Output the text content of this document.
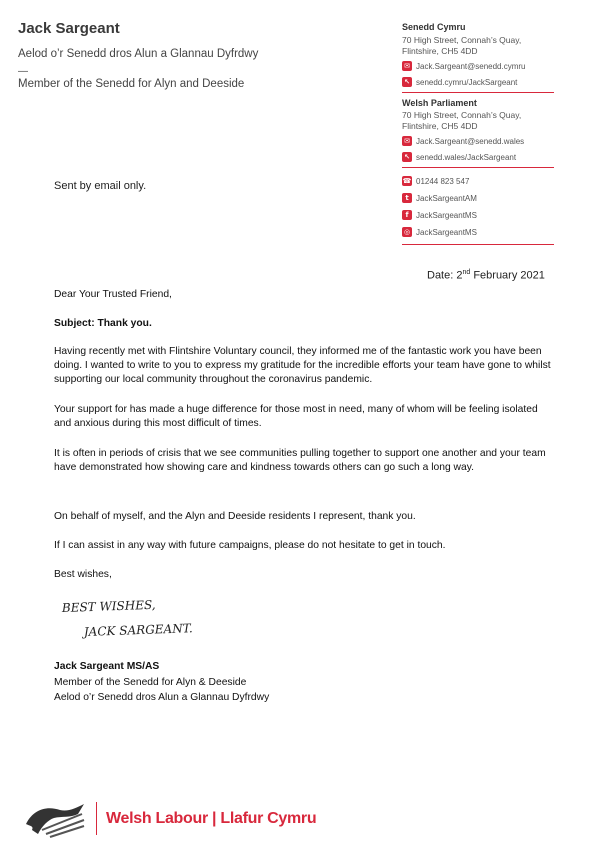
Jack Sargeant
Aelod o’r Senedd dros Alun a Glannau Dyfrdwy
—
Member of the Senedd for Alyn and Deeside
Senedd Cymru
70 High Street, Connah’s Quay,
Flintshire, CH5 4DD
✉ Jack.Sargeant@senedd.cymru
↖ senedd.cymru/JackSargeant
Welsh Parliament
70 High Street, Connah’s Quay,
Flintshire, CH5 4DD
✉ Jack.Sargeant@senedd.wales
↖ senedd.wales/JackSargeant
☎ 01244 823 547
t JackSargeantAM
f JackSargeantMS
◎ JackSargeantMS
Sent by email only.
Date: 2nd February 2021
Dear Your Trusted Friend,
Subject: Thank you.
Having recently met with Flintshire Voluntary council, they informed me of the fantastic work you have been doing. I wanted to write to you to express my gratitude for the incredible efforts your team have gone to whilst supporting our local community throughout the coronavirus pandemic.
Your support for has made a huge difference for those most in need, many of whom will be feeling isolated and anxious during this most difficult of times.
It is often in periods of crisis that we see communities pulling together to support one another and your team have demonstrated how showing care and kindness towards others can go such a long way.
On behalf of myself, and the Alyn and Deeside residents I represent, thank you.
If I can assist in any way with future campaigns, please do not hesitate to get in touch.
Best wishes,
BEST WISHES,
JACK SARGEANT.
Jack Sargeant MS/AS
Member of the Senedd for Alyn & Deeside
Aelod o’r Senedd dros Alun a Glannau Dyfrdwy
Welsh Labour | Llafur Cymru
